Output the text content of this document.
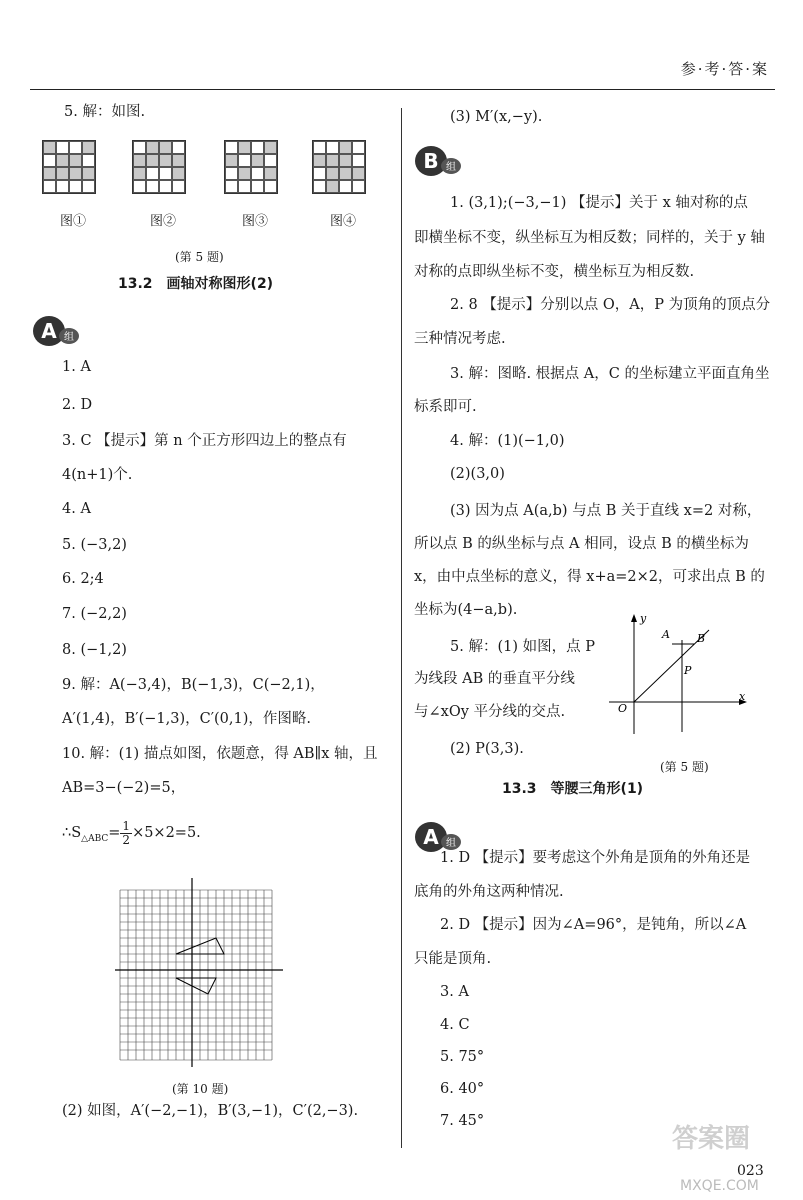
参·考·答·案
5. 解：如图.
图①	图②	图③	图④
(第 5 题)
13.2　画轴对称图形(2)
A 组
1. A
2. D
3. C 【提示】第 n 个正方形四边上的整点有
4(n+1)个.
4. A
5. (−3,2)
6. 2;4
7. (−2,2)
8. (−1,2)
9. 解：A(−3,4)，B(−1,3)，C(−2,1)，
A′(1,4)，B′(−1,3)，C′(0,1)，作图略.
10. 解：(1) 描点如图，依题意，得 AB∥x 轴，且
AB=3−(−2)=5，
$\therefore S_{\triangle ABC}= \frac{1}{2} \times 5\times 2=5$.
(第 10 题)
(2) 如图，A′(−2,−1)，B′(3,−1)，C′(2,−3).
(3) M′(x,−y).
B 组
1. (3,1);(−3,−1) 【提示】关于 x 轴对称的点
即横坐标不变，纵坐标互为相反数；同样的，关于 y 轴
对称的点即纵坐标不变，横坐标互为相反数.
2. 8 【提示】分别以点 O，A，P 为顶角的顶点分
三种情况考虑.
3. 解：图略. 根据点 A，C 的坐标建立平面直角坐
标系即可.
4. 解：(1)(−1,0)
(2)(3,0)
(3) 因为点 A(a,b) 与点 B 关于直线 x=2 对称，
所以点 B 的纵坐标与点 A 相同，设点 B 的横坐标为
x，由中点坐标的意义，得 x+a=2×2，可求出点 B 的
坐标为(4−a,b).
5. 解：(1) 如图，点 P
为线段 AB 的垂直平分线
与∠xOy 平分线的交点.
(2) P(3,3).
y
A B
P
O
x
(第 5 题)
13.3　等腰三角形(1)
A 组
1. D 【提示】要考虑这个外角是顶角的外角还是
底角的外角这两种情况.
2. D 【提示】因为∠A=96°，是钝角，所以∠A
只能是顶角.
3. A
4. C
5. 75°
6. 40°
7. 45°
答案圈
023
MXQE.COM
